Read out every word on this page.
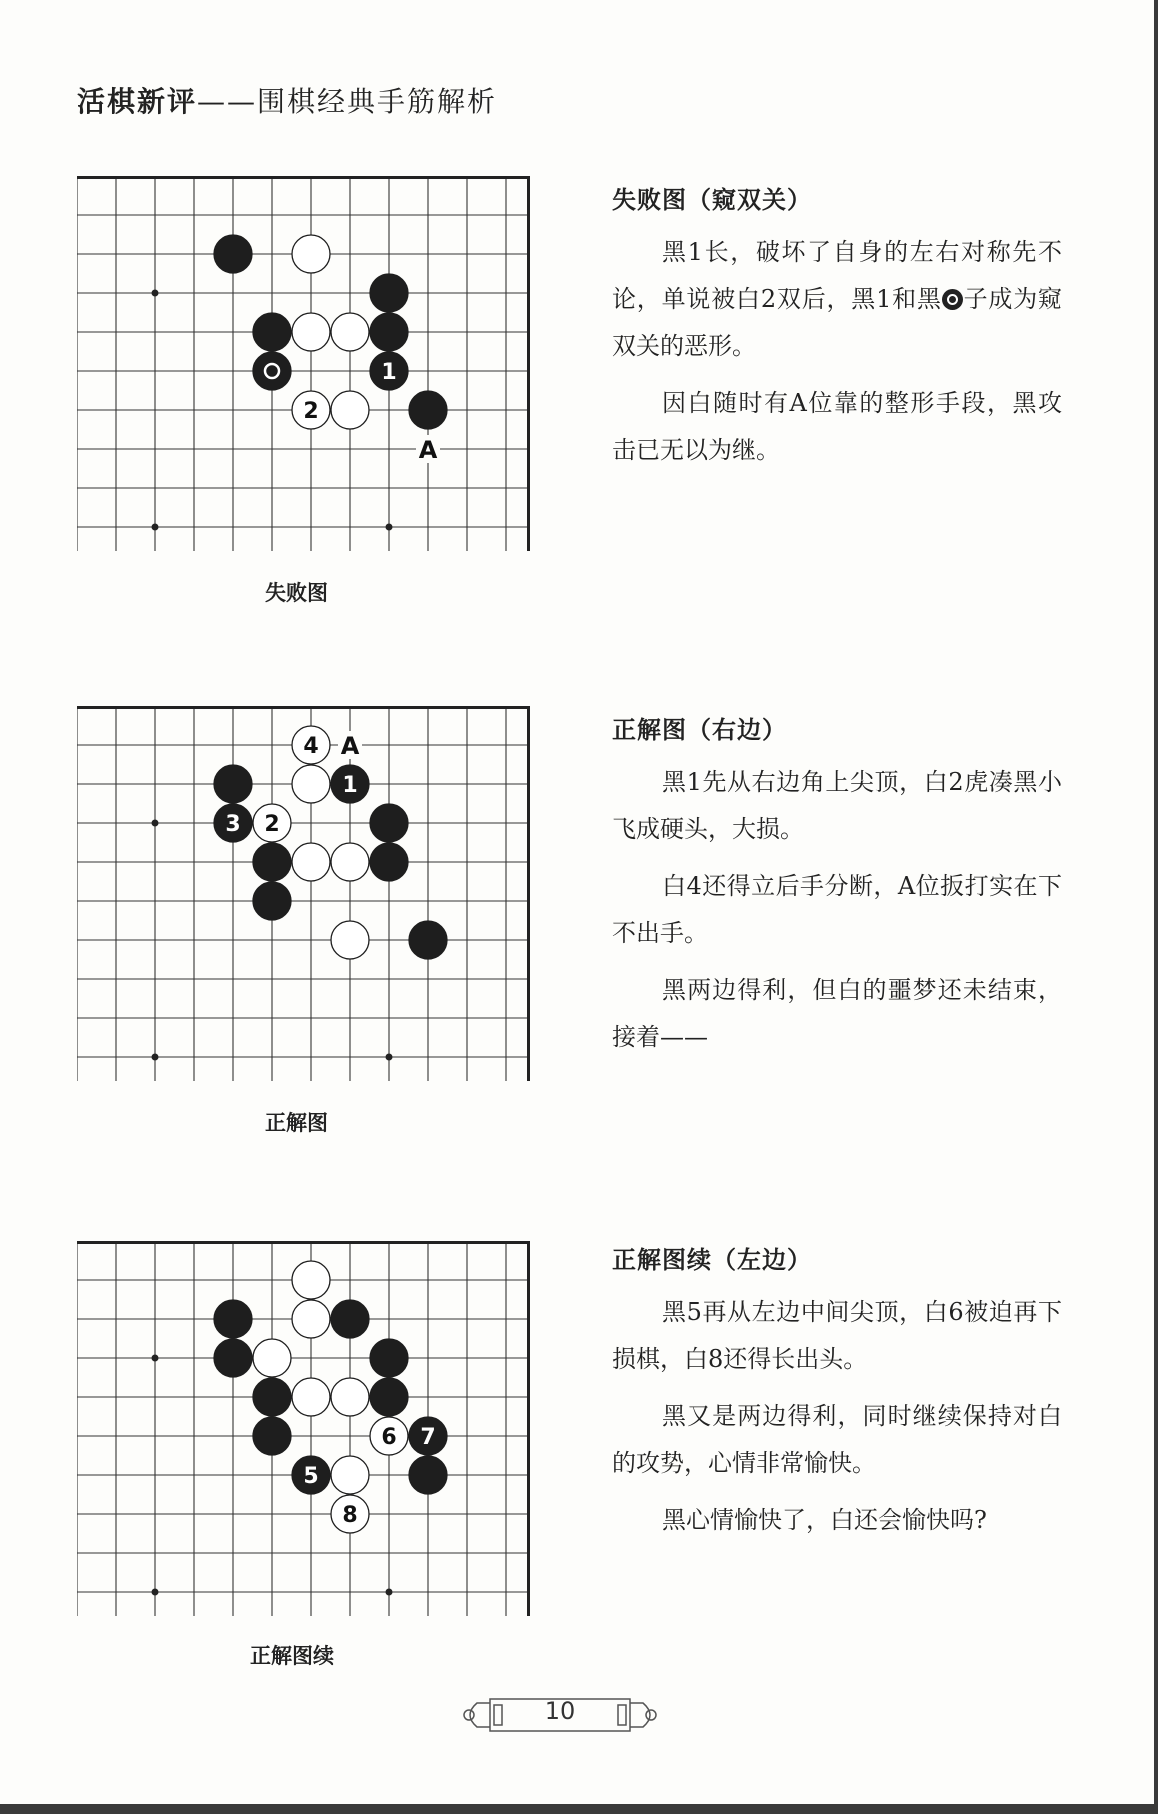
活棋新评——围棋经典手筋解析
1
2
A
失败图
失败图（窥双关）

黑1长，破坏了自身的左右对称先不论，单说被白2双后，黑1和黑 子成为窥双关的恶形。

因白随时有A位靠的整形手段，黑攻击已无以为继。

4
1
3 2
A
正解图
正解图（右边）

黑1先从右边角上尖顶，白2虎凑黑小飞成硬头，大损。

白4还得立后手分断，A位扳打实在下不出手。

黑两边得利，但白的噩梦还未结束，接着——

6 7
5
8
正解图续
正解图续（左边）

黑5再从左边中间尖顶，白6被迫再下损棋，白8还得长出头。

黑又是两边得利，同时继续保持对白的攻势，心情非常愉快。

黑心情愉快了，白还会愉快吗?

10
